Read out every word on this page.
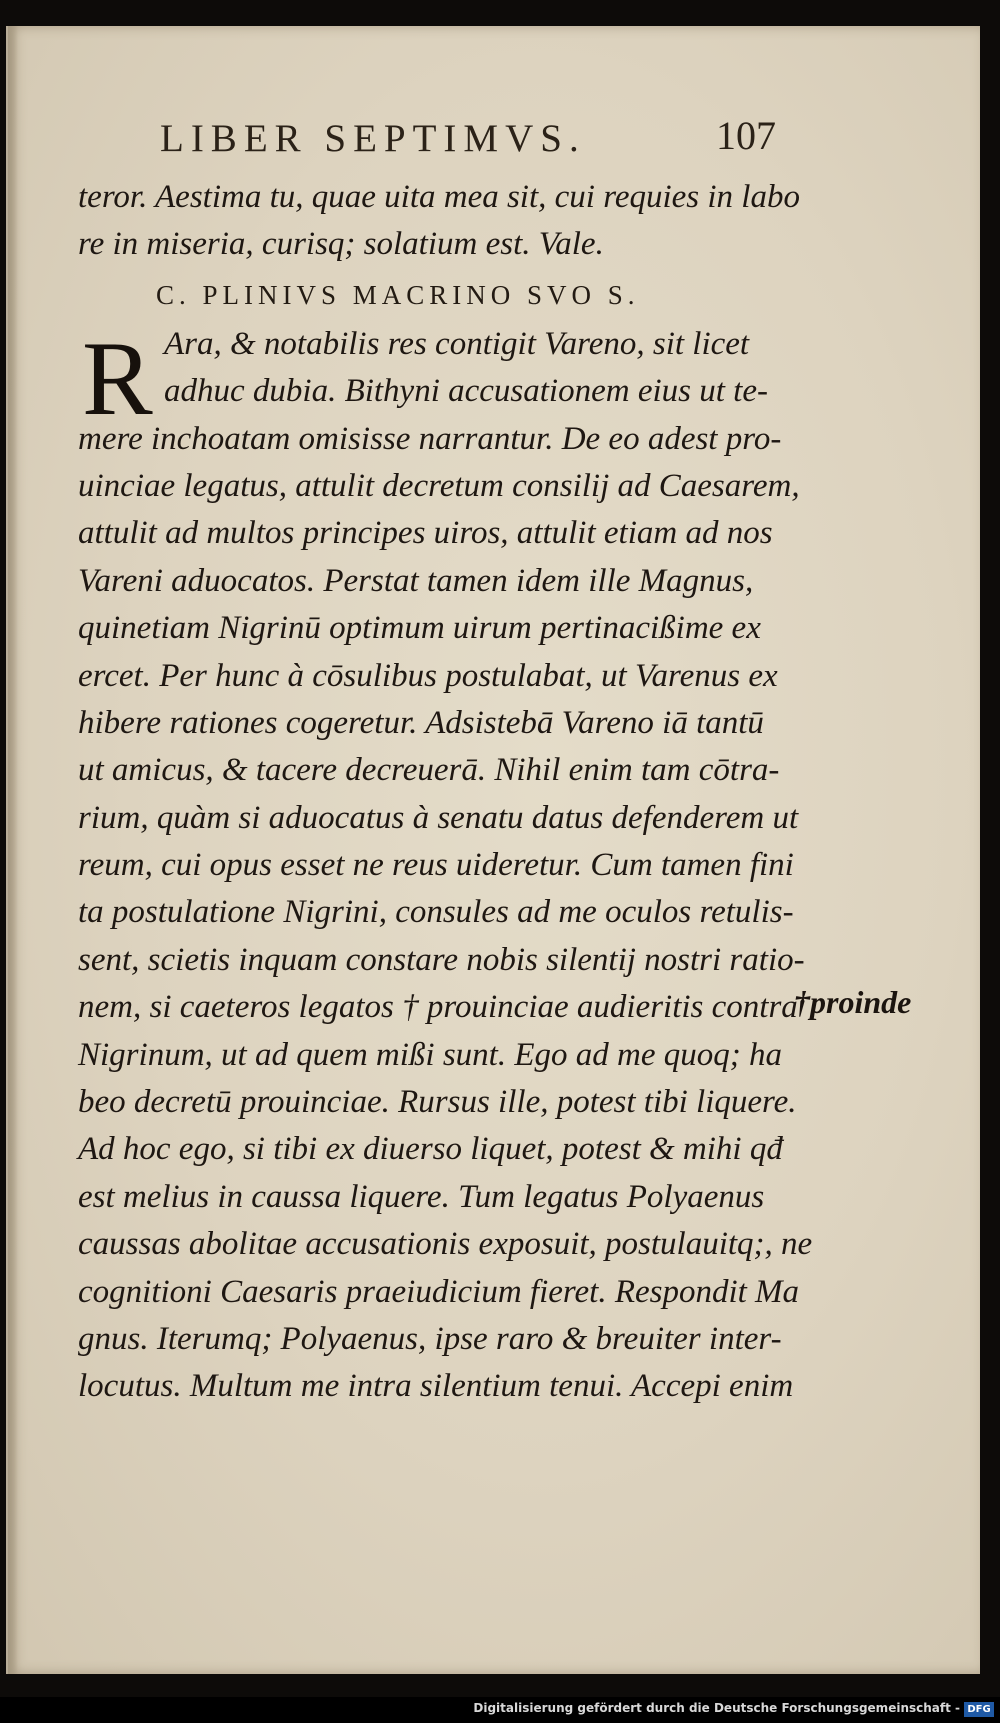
LIBER SEPTIMVS.	107
teror. Aestima tu, quae uita mea sit, cui requies in labo
re in miseria, curisq; solatium est. Vale.
C. PLINIVS MACRINO SVO S.
R Ara, & notabilis res contigit Vareno, sit licet
adhuc dubia. Bithyni accusationem eius ut te-
mere inchoatam omisisse narrantur. De eo adest pro-
uinciae legatus, attulit decretum consilij ad Caesarem,
attulit ad multos principes uiros, attulit etiam ad nos
Vareni aduocatos. Perstat tamen idem ille Magnus,
quinetiam Nigrinū optimum uirum pertinacißime ex
ercet. Per hunc à cōsulibus postulabat, ut Varenus ex
hibere rationes cogeretur. Adsistebā Vareno iā tantū
ut amicus, & tacere decreuerā. Nihil enim tam cōtra-
rium, quàm si aduocatus à senatu datus defenderem ut
reum, cui opus esset ne reus uideretur. Cum tamen fini
ta postulatione Nigrini, consules ad me oculos retulis-
sent, scietis inquam constare nobis silentij nostri ratio-
nem, si caeteros legatos † prouinciae audieritis contra
Nigrinum, ut ad quem mißi sunt. Ego ad me quoq; ha
beo decretū prouinciae. Rursus ille, potest tibi liquere.
Ad hoc ego, si tibi ex diuerso liquet, potest & mihi qđ
est melius in caussa liquere. Tum legatus Polyaenus
caussas abolitae accusationis exposuit, postulauitq;, ne
cognitioni Caesaris praeiudicium fieret. Respondit Ma
gnus. Iterumq; Polyaenus, ipse raro & breuiter inter-
locutus. Multum me intra silentium tenui. Accepi enim
†proinde
Digitalisierung gefördert durch die Deutsche Forschungsgemeinschaft - DFG
